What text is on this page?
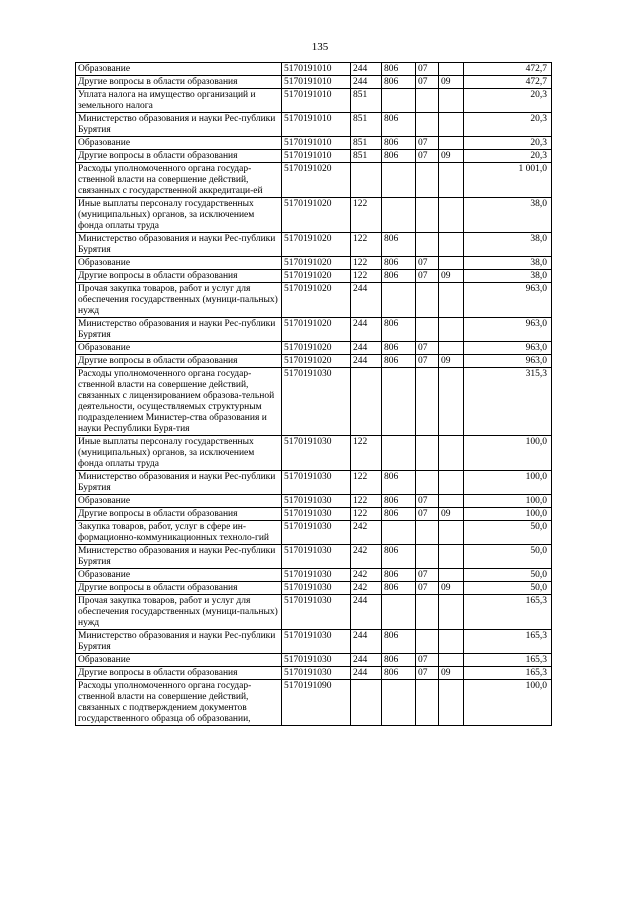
135
Образование	5170191010	244	806	07		472,7
Другие вопросы в области образования	5170191010	244	806	07	09	472,7
Уплата налога на имущество организаций и земельного налога	5170191010	851				20,3
Министерство образования и науки Рес-публики Бурятия	5170191010	851	806			20,3
Образование	5170191010	851	806	07		20,3
Другие вопросы в области образования	5170191010	851	806	07	09	20,3
Расходы уполномоченного органа государ-ственной власти на совершение действий, связанных с государственной аккредитаци-ей	5170191020					1 001,0
Иные выплаты персоналу государственных (муниципальных) органов, за исключением фонда оплаты труда	5170191020	122				38,0
Министерство образования и науки Рес-публики Бурятия	5170191020	122	806			38,0
Образование	5170191020	122	806	07		38,0
Другие вопросы в области образования	5170191020	122	806	07	09	38,0
Прочая закупка товаров, работ и услуг для обеспечения государственных (муници-пальных) нужд	5170191020	244				963,0
Министерство образования и науки Рес-публики Бурятия	5170191020	244	806			963,0
Образование	5170191020	244	806	07		963,0
Другие вопросы в области образования	5170191020	244	806	07	09	963,0
Расходы уполномоченного органа государ-ственной власти на совершение действий, связанных с лицензированием образова-тельной деятельности, осуществляемых структурным подразделением Министер-ства образования и науки Республики Буря-тия	5170191030					315,3
Иные выплаты персоналу государственных (муниципальных) органов, за исключением фонда оплаты труда	5170191030	122				100,0
Министерство образования и науки Рес-публики Бурятия	5170191030	122	806			100,0
Образование	5170191030	122	806	07		100,0
Другие вопросы в области образования	5170191030	122	806	07	09	100,0
Закупка товаров, работ, услуг в сфере ин-формационно-коммуникационных техноло-гий	5170191030	242				50,0
Министерство образования и науки Рес-публики Бурятия	5170191030	242	806			50,0
Образование	5170191030	242	806	07		50,0
Другие вопросы в области образования	5170191030	242	806	07	09	50,0
Прочая закупка товаров, работ и услуг для обеспечения государственных (муници-пальных) нужд	5170191030	244				165,3
Министерство образования и науки Рес-публики Бурятия	5170191030	244	806			165,3
Образование	5170191030	244	806	07		165,3
Другие вопросы в области образования	5170191030	244	806	07	09	165,3
Расходы уполномоченного органа государ-ственной власти на совершение действий, связанных с подтверждением документов государственного образца об образовании,	5170191090					100,0
